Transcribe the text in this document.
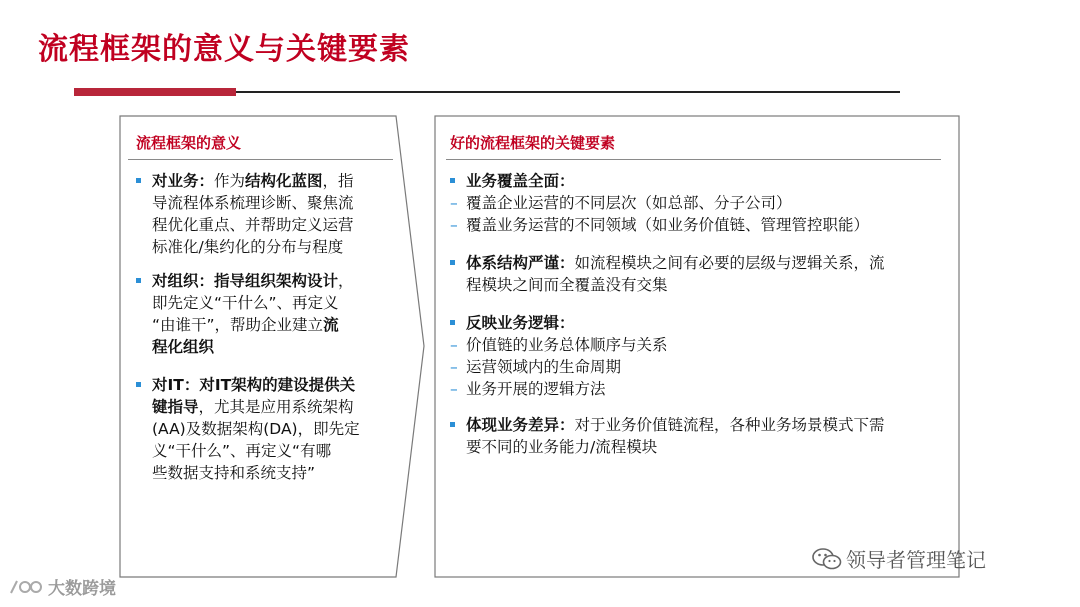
流程框架的意义与关键要素
流程框架的意义
对业务：作为结构化蓝图，指
导流程体系梳理诊断、聚焦流
程优化重点、并帮助定义运营
标准化/集约化的分布与程度
对组织：指导组织架构设计，
即先定义“干什么”、再定义
“由谁干”，帮助企业建立流
程化组织
对IT：对IT架构的建设提供关
键指导，尤其是应用系统架构
(AA)及数据架构(DA)，即先定
义“干什么”、再定义“有哪
些数据支持和系统支持”
好的流程框架的关键要素
业务覆盖全面：
– 覆盖企业运营的不同层次（如总部、分子公司）
– 覆盖业务运营的不同领域（如业务价值链、管理管控职能）
体系结构严谨：如流程模块之间有必要的层级与逻辑关系，流
程模块之间而全覆盖没有交集
反映业务逻辑：
– 价值链的业务总体顺序与关系
– 运营领域内的生命周期
– 业务开展的逻辑方法
体现业务差异：对于业务价值链流程，各种业务场景模式下需
要不同的业务能力/流程模块
领导者管理笔记
大数跨境
